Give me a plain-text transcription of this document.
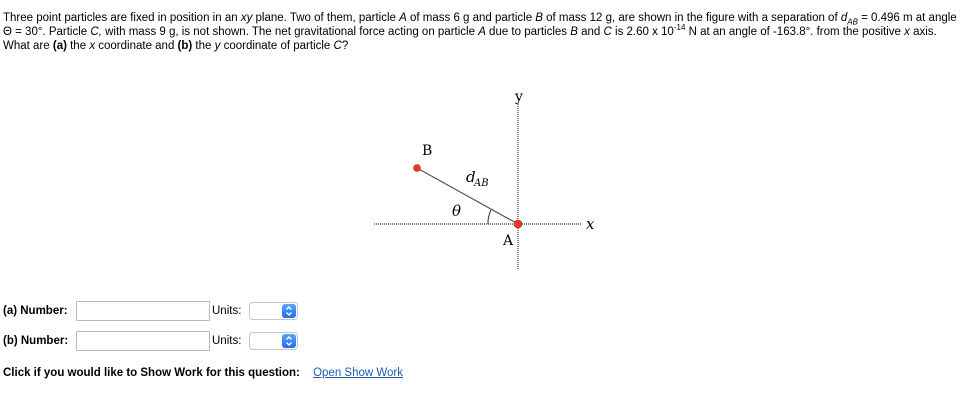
Three point particles are fixed in position in an xy plane. Two of them, particle A of mass 6 g and particle B of mass 12 g, are shown in the figure with a separation of $d_{AB} = 0.496$ m at angle Θ = 30°. Particle C, with mass 9 g, is not shown. The net gravitational force acting on particle A due to particles B and C is 2.60 x $10^{-14}$ N at an angle of -163.8°. from the positive x axis. What are (a) the x coordinate and (b) the y coordinate of particle C?
y
x
B
A
d
AB
θ
(a) Number:	Units:
(b) Number:	Units:
Click if you would like to Show Work for this question: Open Show Work
